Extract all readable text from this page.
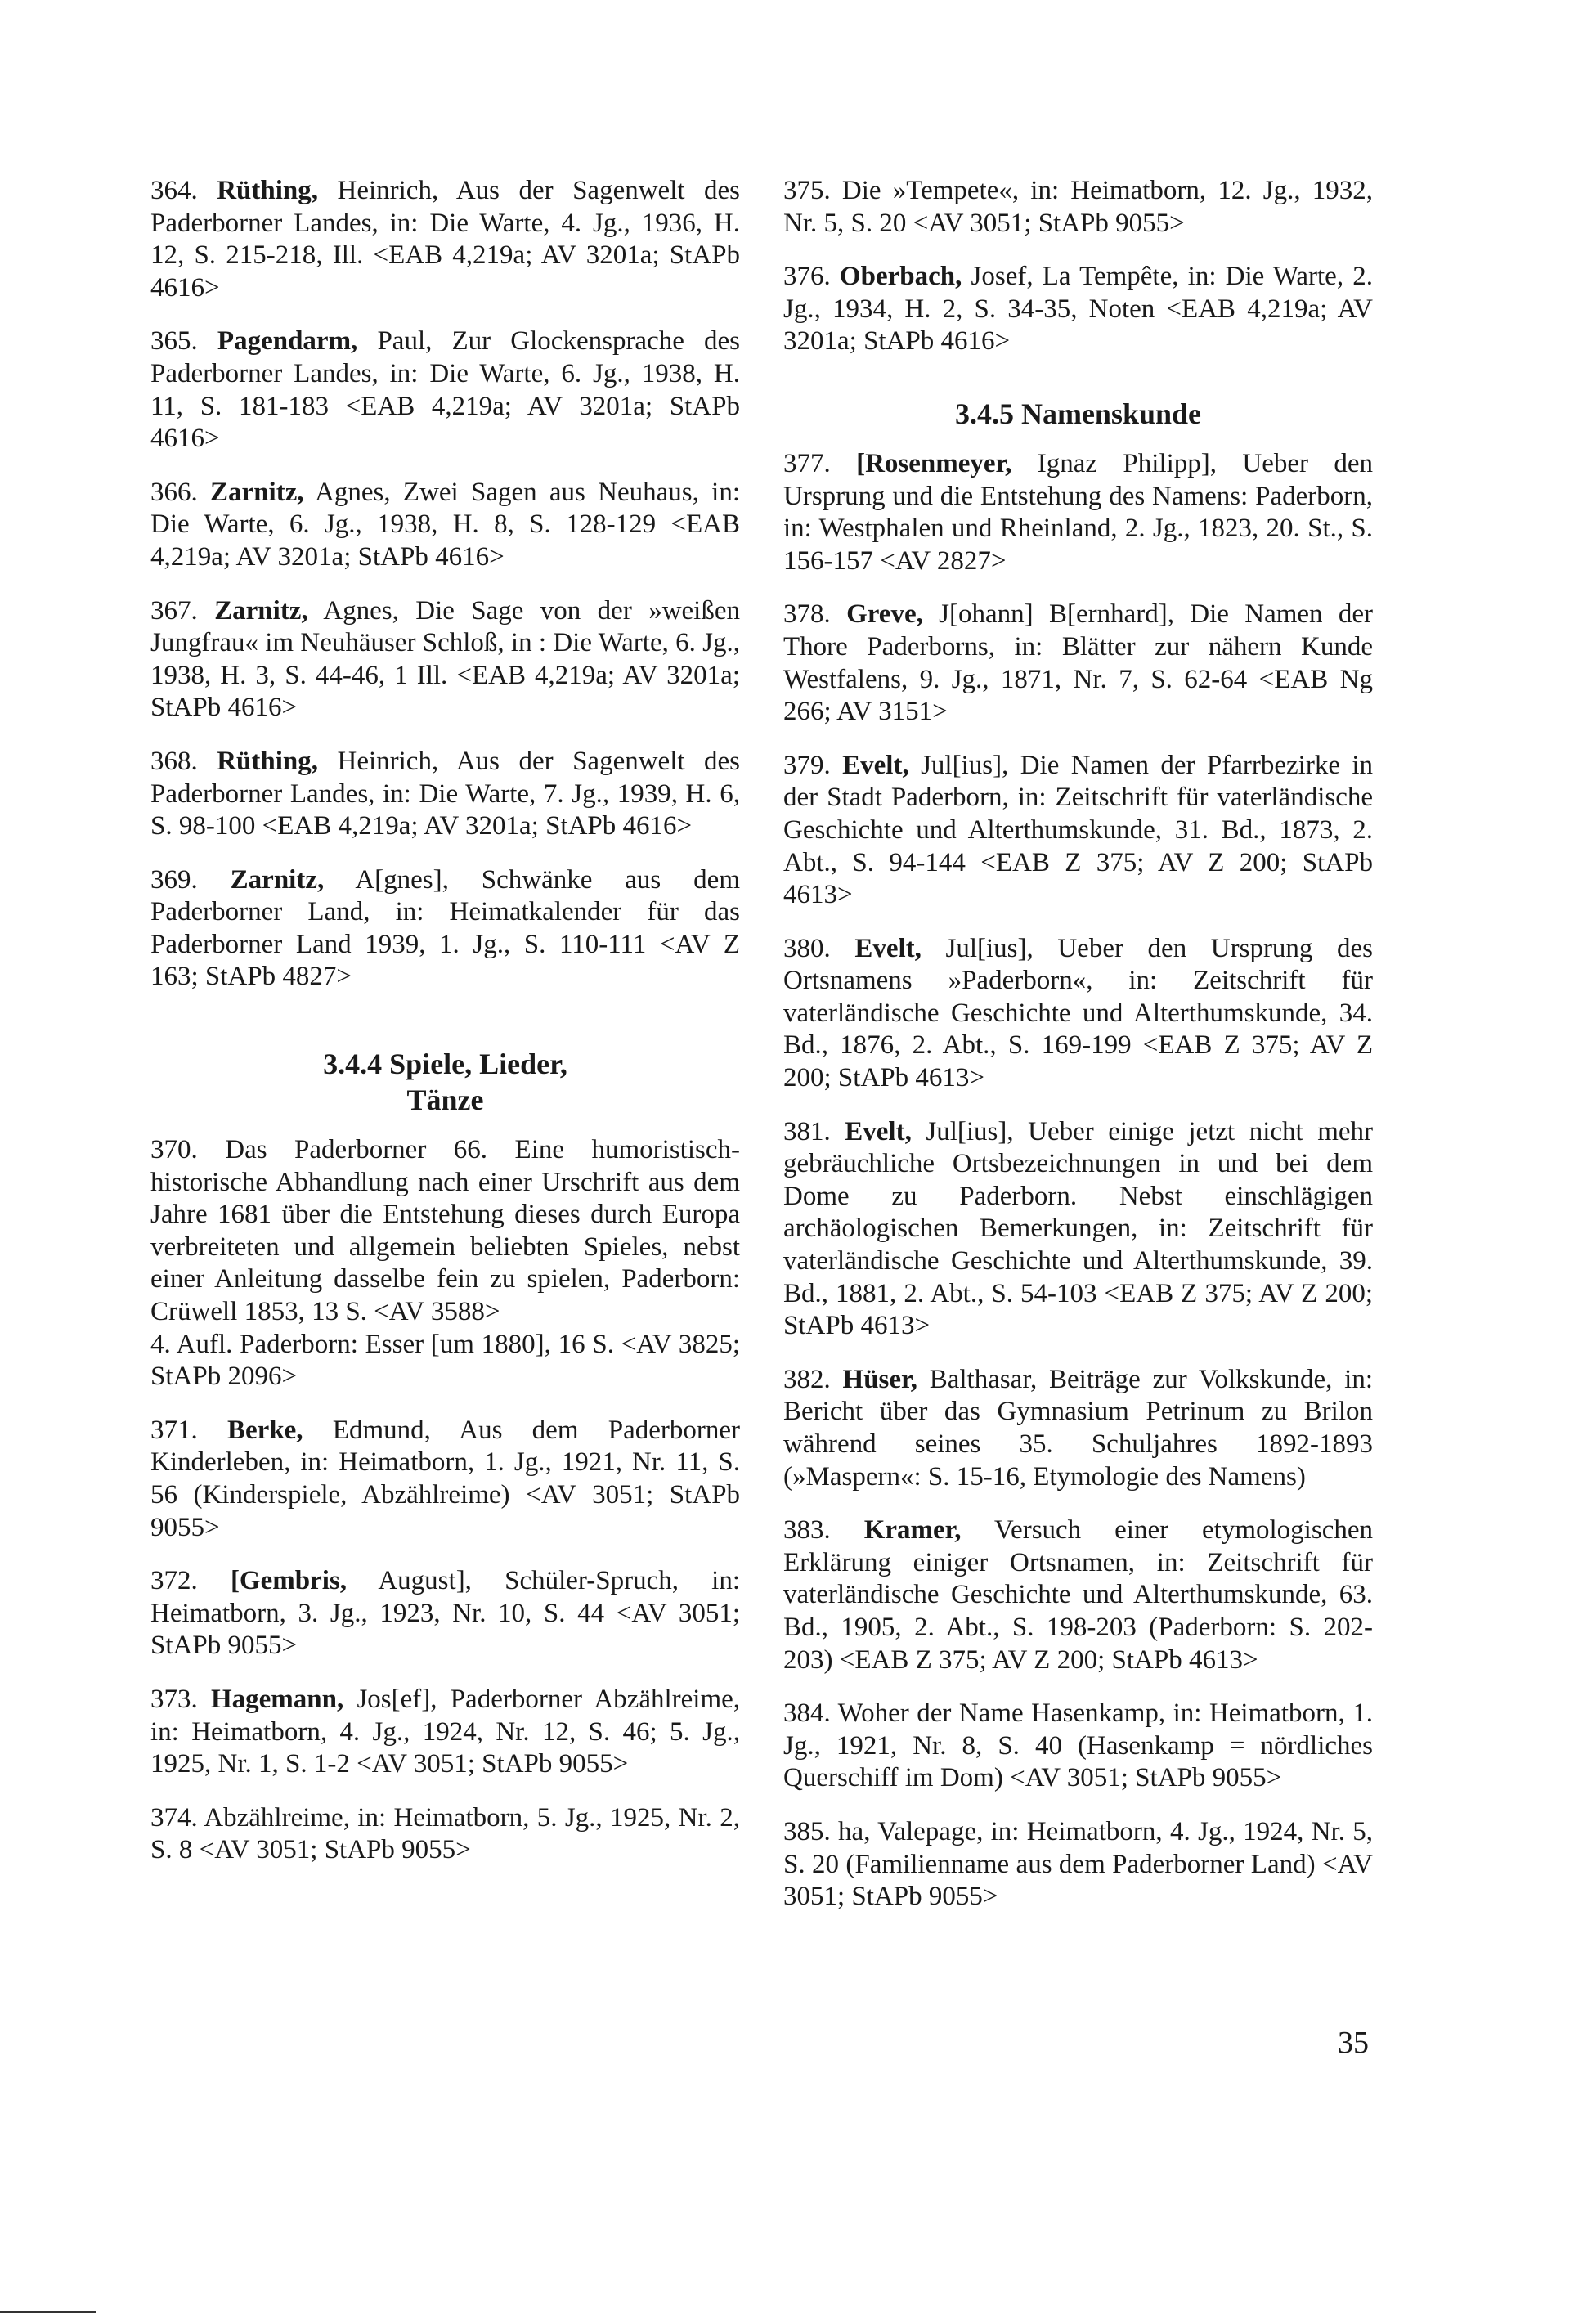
364. Rüthing, Heinrich, Aus der Sagenwelt des Paderborner Landes, in: Die Warte, 4. Jg., 1936, H. 12, S. 215-218, Ill. <EAB 4,219a; AV 3201a; StAPb 4616>

365. Pagendarm, Paul, Zur Glockensprache des Paderborner Landes, in: Die Warte, 6. Jg., 1938, H. 11, S. 181-183 <EAB 4,219a; AV 3201a; StAPb 4616>

366. Zarnitz, Agnes, Zwei Sagen aus Neuhaus, in: Die Warte, 6. Jg., 1938, H. 8, S. 128-129 <EAB 4,219a; AV 3201a; StAPb 4616>

367. Zarnitz, Agnes, Die Sage von der »weißen Jungfrau« im Neuhäuser Schloß, in : Die Warte, 6. Jg., 1938, H. 3, S. 44-46, 1 Ill. <EAB 4,219a; AV 3201a; StAPb 4616>

368. Rüthing, Heinrich, Aus der Sagenwelt des Paderborner Landes, in: Die Warte, 7. Jg., 1939, H. 6, S. 98-100 <EAB 4,219a; AV 3201a; StAPb 4616>

369. Zarnitz, A[gnes], Schwänke aus dem Paderborner Land, in: Heimatkalender für das Paderborner Land 1939, 1. Jg., S. 110-111 <AV Z 163; StAPb 4827>

3.4.4 Spiele, Lieder,
Tänze

370. Das Paderborner 66. Eine humoristisch-historische Abhandlung nach einer Urschrift aus dem Jahre 1681 über die Entstehung dieses durch Europa verbreiteten und allgemein beliebten Spieles, nebst einer Anleitung dasselbe fein zu spielen, Paderborn: Crüwell 1853, 13 S. <AV 3588>
4. Aufl. Paderborn: Esser [um 1880], 16 S. <AV 3825; StAPb 2096>

371. Berke, Edmund, Aus dem Paderborner Kinderleben, in: Heimatborn, 1. Jg., 1921, Nr. 11, S. 56 (Kinderspiele, Abzählreime) <AV 3051; StAPb 9055>

372. [Gembris, August], Schüler-Spruch, in: Heimatborn, 3. Jg., 1923, Nr. 10, S. 44 <AV 3051; StAPb 9055>

373. Hagemann, Jos[ef], Paderborner Abzählreime, in: Heimatborn, 4. Jg., 1924, Nr. 12, S. 46; 5. Jg., 1925, Nr. 1, S. 1-2 <AV 3051; StAPb 9055>

374. Abzählreime, in: Heimatborn, 5. Jg., 1925, Nr. 2, S. 8 <AV 3051; StAPb 9055>

375. Die »Tempete«, in: Heimatborn, 12. Jg., 1932, Nr. 5, S. 20 <AV 3051; StAPb 9055>

376. Oberbach, Josef, La Tempête, in: Die Warte, 2. Jg., 1934, H. 2, S. 34-35, Noten <EAB 4,219a; AV 3201a; StAPb 4616>

3.4.5 Namenskunde

377. [Rosenmeyer, Ignaz Philipp], Ueber den Ursprung und die Entstehung des Namens: Paderborn, in: Westphalen und Rheinland, 2. Jg., 1823, 20. St., S. 156-157 <AV 2827>

378. Greve, J[ohann] B[ernhard], Die Namen der Thore Paderborns, in: Blätter zur nähern Kunde Westfalens, 9. Jg., 1871, Nr. 7, S. 62-64 <EAB Ng 266; AV 3151>

379. Evelt, Jul[ius], Die Namen der Pfarrbezirke in der Stadt Paderborn, in: Zeitschrift für vaterländische Geschichte und Alterthumskunde, 31. Bd., 1873, 2. Abt., S. 94-144 <EAB Z 375; AV Z 200; StAPb 4613>

380. Evelt, Jul[ius], Ueber den Ursprung des Ortsnamens »Paderborn«, in: Zeitschrift für vaterländische Geschichte und Alterthumskunde, 34. Bd., 1876, 2. Abt., S. 169-199 <EAB Z 375; AV Z 200; StAPb 4613>

381. Evelt, Jul[ius], Ueber einige jetzt nicht mehr gebräuchliche Ortsbezeichnungen in und bei dem Dome zu Paderborn. Nebst einschlägigen archäologischen Bemerkungen, in: Zeitschrift für vaterländische Geschichte und Alterthumskunde, 39. Bd., 1881, 2. Abt., S. 54-103 <EAB Z 375; AV Z 200; StAPb 4613>

382. Hüser, Balthasar, Beiträge zur Volkskunde, in: Bericht über das Gymnasium Petrinum zu Brilon während seines 35. Schuljahres 1892-1893 (»Maspern«: S. 15-16, Etymologie des Namens)

383. Kramer, Versuch einer etymologischen Erklärung einiger Ortsnamen, in: Zeitschrift für vaterländische Geschichte und Alterthumskunde, 63. Bd., 1905, 2. Abt., S. 198-203 (Paderborn: S. 202-203) <EAB Z 375; AV Z 200; StAPb 4613>

384. Woher der Name Hasenkamp, in: Heimatborn, 1. Jg., 1921, Nr. 8, S. 40 (Hasenkamp = nördliches Querschiff im Dom) <AV 3051; StAPb 9055>

385. ha, Valepage, in: Heimatborn, 4. Jg., 1924, Nr. 5, S. 20 (Familienname aus dem Paderborner Land) <AV 3051; StAPb 9055>

35
